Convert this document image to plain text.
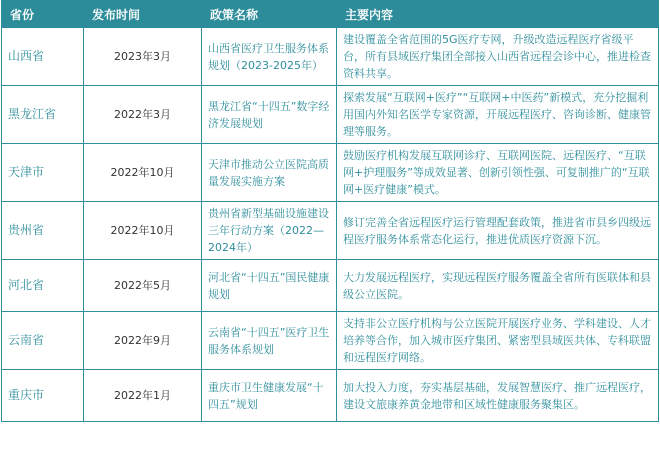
省份	发布时间	政策名称	主要内容
山西省	2023年3月	山西省医疗卫生服务体系规划（2023-2025年）	建设覆盖全省范围的5G医疗专网，升级改造远程医疗省级平台，所有县域医疗集团全部接入山西省远程会诊中心，推进检查资料共享。
黑龙江省	2022年3月	黑龙江省“十四五”数字经济发展规划	探索发展“互联网+医疗”“互联网+中医药”新模式，充分挖掘利用国内外知名医学专家资源，开展远程医疗、咨询诊断、健康管理等服务。
天津市	2022年10月	天津市推动公立医院高质量发展实施方案	鼓励医疗机构发展互联网诊疗、互联网医院、远程医疗、“互联网+护理服务”等成效显著、创新引领性强、可复制推广的“互联网+医疗健康”模式。
贵州省	2022年10月	贵州省新型基础设施建设三年行动方案（2022—2024年）	修订完善全省远程医疗运行管理配套政策，推进省市县乡四级远程医疗服务体系常态化运行，推进优质医疗资源下沉。
河北省	2022年5月	河北省“十四五”国民健康规划	大力发展远程医疗，实现远程医疗服务覆盖全省所有医联体和县级公立医院。
云南省	2022年9月	云南省“十四五”医疗卫生服务体系规划	支持非公立医疗机构与公立医院开展医疗业务、学科建设、人才培养等合作，加入城市医疗集团、紧密型县域医共体、专科联盟和远程医疗网络。
重庆市	2022年1月	重庆市卫生健康发展“十四五”规划	加大投入力度，夯实基层基础，发展智慧医疗、推广远程医疗，建设文旅康养黄金地带和区域性健康服务聚集区。
